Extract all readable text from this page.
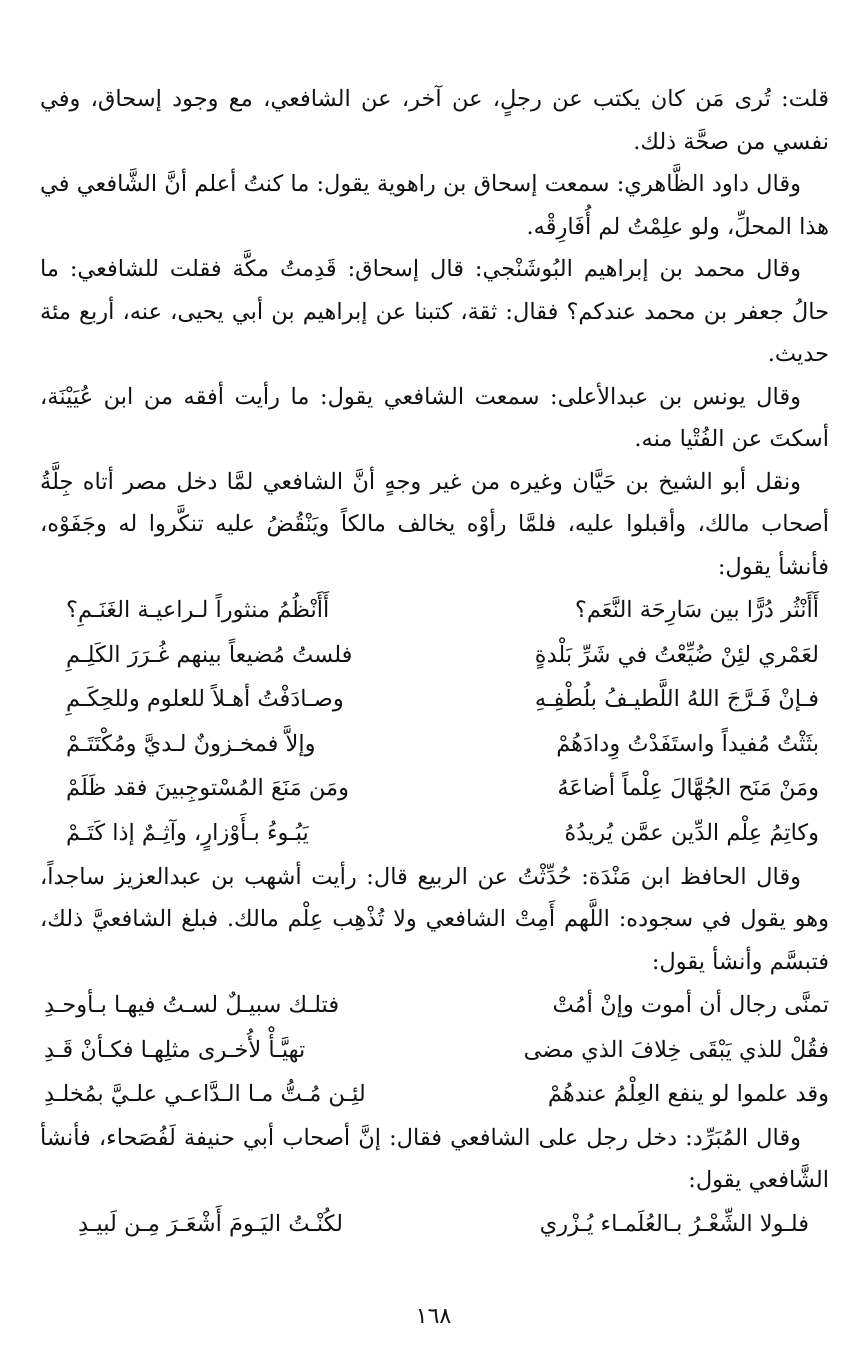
قلت: تُرى مَن كان يكتب عن رجلٍ، عن آخر، عن الشافعي، مع وجود إسحاق، وفي نفسي من صحَّة ذلك.

وقال داود الظَّاهري: سمعت إسحاق بن راهوية يقول: ما كنتُ أعلم أنَّ الشَّافعي في هذا المحلِّ، ولو علِمْتُ لم أُفَارِقْه.

وقال محمد بن إبراهيم البُوشَنْجي: قال إسحاق: قَدِمتُ مكَّة فقلت للشافعي: ما حالُ جعفر بن محمد عندكم؟ فقال: ثقة، كتبنا عن إبراهيم بن أبي يحيى، عنه، أربع مئة حديث.

وقال يونس بن عبدالأعلى: سمعت الشافعي يقول: ما رأيت أفقه من ابن عُيَيْنَة، أسكتَ عن الفُتْيا منه.

ونقل أبو الشيخ بن حَيَّان وغيره من غير وجهٍ أنَّ الشافعي لمَّا دخل مصر أتاه جِلَّةُ أصحاب مالك، وأقبلوا عليه، فلمَّا رأوْه يخالف مالكاً ويَنْقُضُ عليه تنكَّروا له وجَفَوْه، فأنشأ يقول:

أَأَنْثُر دُرًّا بين سَارِحَة النَّعَم؟
أَأَنْظُمُ منثوراً لـراعيـة الغَنَـمِ؟
لعَمْري لئِنْ ضُيِّعْتُ في شَرِّ بَلْدةٍ
فلستُ مُضيعاً بينهم غُـرَرَ الكَلِـمِ
فـإنْ فَـرَّجَ اللهُ اللَّطيـفُ بلُطْفِـهِ
وصـادَفْتُ أهـلاً للعلوم وللحِكَـمِ
بثَثْتُ مُفيداً واستَفَدْتُ وِدادَهُمْ
وإلاَّ فمخـزونٌ لـديَّ ومُكْتَتَـمْ
ومَنْ مَنَح الجُهَّالَ عِلْماً أضاعَهُ
ومَن مَنَعَ المُسْتوجِبينَ فقد ظَلَمْ
وكاتِمُ عِلْم الدِّين عمَّن يُريدُهُ
يَبُـوءُ بـأَوْزارٍ، وآثِـمٌ إذا كَتَـمْ

وقال الحافظ ابن مَنْدَة: حُدِّثْتُ عن الربيع قال: رأيت أشهب بن عبدالعزيز ساجداً، وهو يقول في سجوده: اللَّهم أَمِتْ الشافعي ولا تُذْهِب عِلْم مالك. فبلغ الشافعيَّ ذلك، فتبسَّم وأنشأ يقول:

تمنَّى رجال أن أموت وإنْ أمُتْ
فتلـك سبيـلٌ لسـتُ فيهـا بـأوحـدِ
فقُلْ للذي يَبْقَى خِلافَ الذي مضى
تهيَّـأْ لأُخـرى مثلِهـا فكـأنْ قَـدِ
وقد علموا لو ينفع العِلْمُ عندهُمْ
لئِـن مُـتُّ مـا الـدَّاعـي علـيَّ بمُخلـدِ

وقال المُبَرِّد: دخل رجل على الشافعي فقال: إنَّ أصحاب أبي حنيفة لَفُصَحاء، فأنشأ الشَّافعي يقول:

فلـولا الشِّعْـرُ بـالعُلَمـاء يُـزْري
لكُنْـتُ اليَـومَ أَشْعَـرَ مِـن لَبيـدِ
١٦٨
